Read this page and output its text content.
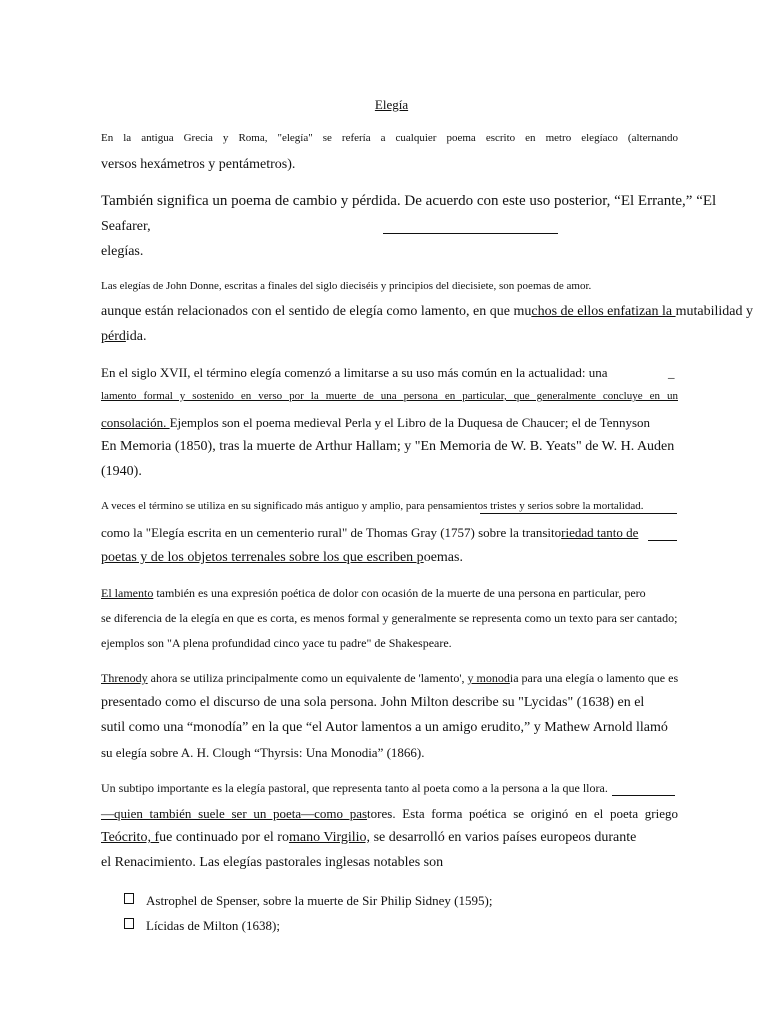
Elegía
En la antigua Grecia y Roma, "elegía" se refería a cualquier poema escrito en metro elegíaco (alternando
versos hexámetros y pentámetros).
También significa un poema de cambio y pérdida. De acuerdo con este uso posterior, “El Errante,” “El
Seafarer,
elegías.
Las elegías de John Donne, escritas a finales del siglo dieciséis y principios del diecisiete, son poemas de amor.
aunque están relacionados con el sentido de elegía como lamento, en que muchos de ellos enfatizan la mutabilidad y
pérdida.
En el siglo XVII, el término elegía comenzó a limitarse a su uso más común en la actualidad: una	_
lamento formal y sostenido en verso por la muerte de una persona en particular, que generalmente concluye en un
consolación. Ejemplos son el poema medieval Perla y el Libro de la Duquesa de Chaucer; el de Tennyson
En Memoria (1850), tras la muerte de Arthur Hallam; y "En Memoria de W. B. Yeats" de W. H. Auden
(1940).
A veces el término se utiliza en su significado más antiguo y amplio, para pensamientos tristes y serios sobre la mortalidad.
como la "Elegía escrita en un cementerio rural" de Thomas Gray (1757) sobre la transitoriedad tanto de
poetas y de los objetos terrenales sobre los que escriben poemas.
El lamento también es una expresión poética de dolor con ocasión de la muerte de una persona en particular, pero
se diferencia de la elegía en que es corta, es menos formal y generalmente se representa como un texto para ser cantado;
ejemplos son "A plena profundidad cinco yace tu padre" de Shakespeare.
Threnody ahora se utiliza principalmente como un equivalente de 'lamento', y monodia para una elegía o lamento que es
presentado como el discurso de una sola persona. John Milton describe su "Lycidas" (1638) en el
sutil como una “monodía” en la que “el Autor lamentos a un amigo erudito,” y Mathew Arnold llamó
su elegía sobre A. H. Clough “Thyrsis: Una Monodia” (1866).
Un subtipo importante es la elegía pastoral, que representa tanto al poeta como a la persona a la que llora.
—quien también suele ser un poeta—como pastores. Esta forma poética se originó en el poeta griego
Teócrito, fue continuado por el romano Virgilio, se desarrolló en varios países europeos durante
el Renacimiento. Las elegías pastorales inglesas notables son
Astrophel de Spenser, sobre la muerte de Sir Philip Sidney (1595);
Lícidas de Milton (1638);
